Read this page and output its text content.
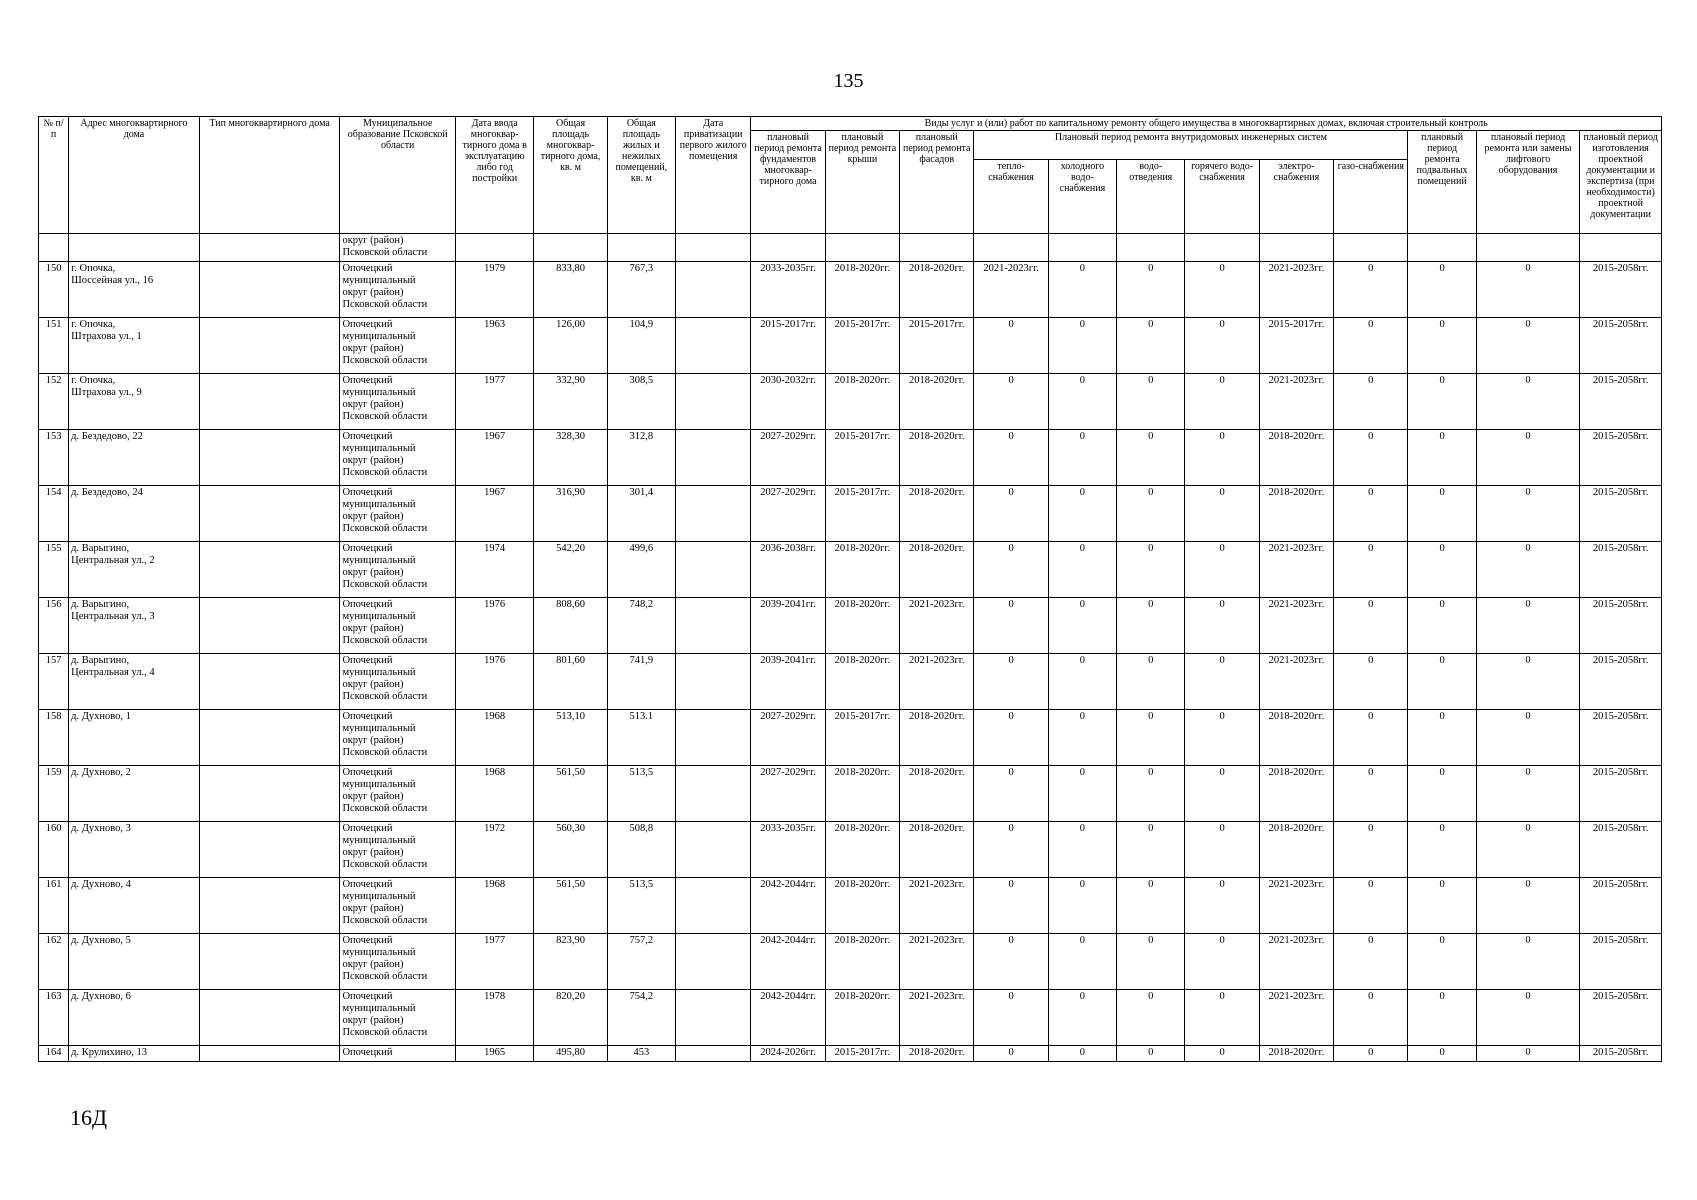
135
№ п/п	Адрес многоквартирного дома	Тип многоквартирного дома	Муниципальное образование Псковской области	Дата ввода многоквар-тирного дома в эксплуатацию либо год постройки	Общая площадь многоквар-тирного дома, кв. м	Общая площадь жилых и нежилых помещений, кв. м	Дата приватизации первого жилого помещения	Виды услуг и (или) работ по капитальному ремонту общего имущества в многоквартирных домах, включая строительный контроль											
								плановый период ремонта фундаментов многоквар-тирного дома	плановый период ремонта крыши	плановый период ремонта фасадов	Плановый период ремонта внутридомовых инженерных систем						плановый период ремонта подвальных помещений	плановый период ремонта или замены лифтового оборудования	плановый период изготовления проектной документации и экспертиза (при необходимости) проектной документации
											тепло-снабжения	холодного водо-снабжения	водо-отведения	горячего водо-снабжения	электро-снабжения	газо-снабжения			
			округ (район)
Псковской области																
150	г. Опочка,
Шоссейная ул., 16		Опочецкий
муниципальный
округ (район)
Псковской области	1979	833,80	767,3		2033-2035гг.	2018-2020гг.	2018-2020гг.	2021-2023гг.	0	0	0	2021-2023гг.	0	0	0	2015-2058гг.
151	г. Опочка,
Штрахова ул., 1		Опочецкий
муниципальный
округ (район)
Псковской области	1963	126,00	104,9		2015-2017гг.	2015-2017гг.	2015-2017гг.	0	0	0	0	2015-2017гг.	0	0	0	2015-2058гг.
152	г. Опочка,
Штрахова ул., 9		Опочецкий
муниципальный
округ (район)
Псковской области	1977	332,90	308,5		2030-2032гг.	2018-2020гг.	2018-2020гг.	0	0	0	0	2021-2023гг.	0	0	0	2015-2058гг.
153	д. Бездедово, 22		Опочецкий
муниципальный
округ (район)
Псковской области	1967	328,30	312,8		2027-2029гг.	2015-2017гг.	2018-2020гг.	0	0	0	0	2018-2020гг.	0	0	0	2015-2058гг.
154	д. Бездедово, 24		Опочецкий
муниципальный
округ (район)
Псковской области	1967	316,90	301,4		2027-2029гг.	2015-2017гг.	2018-2020гг.	0	0	0	0	2018-2020гг.	0	0	0	2015-2058гг.
155	д. Варыгино,
Центральная ул., 2		Опочецкий
муниципальный
округ (район)
Псковской области	1974	542,20	499,6		2036-2038гг.	2018-2020гг.	2018-2020гг.	0	0	0	0	2021-2023гг.	0	0	0	2015-2058гг.
156	д. Варыгино,
Центральная ул., 3		Опочецкий
муниципальный
округ (район)
Псковской области	1976	808,60	748,2		2039-2041гг.	2018-2020гг.	2021-2023гг.	0	0	0	0	2021-2023гг.	0	0	0	2015-2058гг.
157	д. Варыгино,
Центральная ул., 4		Опочецкий
муниципальный
округ (район)
Псковской области	1976	801,60	741,9		2039-2041гг.	2018-2020гг.	2021-2023гг.	0	0	0	0	2021-2023гг.	0	0	0	2015-2058гг.
158	д. Духново, 1		Опочецкий
муниципальный
округ (район)
Псковской области	1968	513,10	513.1		2027-2029гг.	2015-2017гг.	2018-2020гг.	0	0	0	0	2018-2020гг.	0	0	0	2015-2058гг.
159	д. Духново, 2		Опочецкий
муниципальный
округ (район)
Псковской области	1968	561,50	513,5		2027-2029гг.	2018-2020гг.	2018-2020гг.	0	0	0	0	2018-2020гг.	0	0	0	2015-2058гг.
160	д. Духново, 3		Опочецкий
муниципальный
округ (район)
Псковской области	1972	560,30	508,8		2033-2035гг.	2018-2020гг.	2018-2020гг.	0	0	0	0	2018-2020гг.	0	0	0	2015-2058гг.
161	д. Духново, 4		Опочецкий
муниципальный
округ (район)
Псковской области	1968	561,50	513,5		2042-2044гг.	2018-2020гг.	2021-2023гг.	0	0	0	0	2021-2023гг.	0	0	0	2015-2058гг.
162	д. Духново, 5		Опочецкий
муниципальный
округ (район)
Псковской области	1977	823,90	757,2		2042-2044гг.	2018-2020гг.	2021-2023гг.	0	0	0	0	2021-2023гг.	0	0	0	2015-2058гг.
163	д. Духново, 6		Опочецкий
муниципальный
округ (район)
Псковской области	1978	820,20	754,2		2042-2044гг.	2018-2020гг.	2021-2023гг.	0	0	0	0	2021-2023гг.	0	0	0	2015-2058гг.
164	д. Крулихино, 13		Опочецкий	1965	495,80	453		2024-2026гг.	2015-2017гг.	2018-2020гг.	0	0	0	0	2018-2020гг.	0	0	0	2015-2058гг.
16Д
